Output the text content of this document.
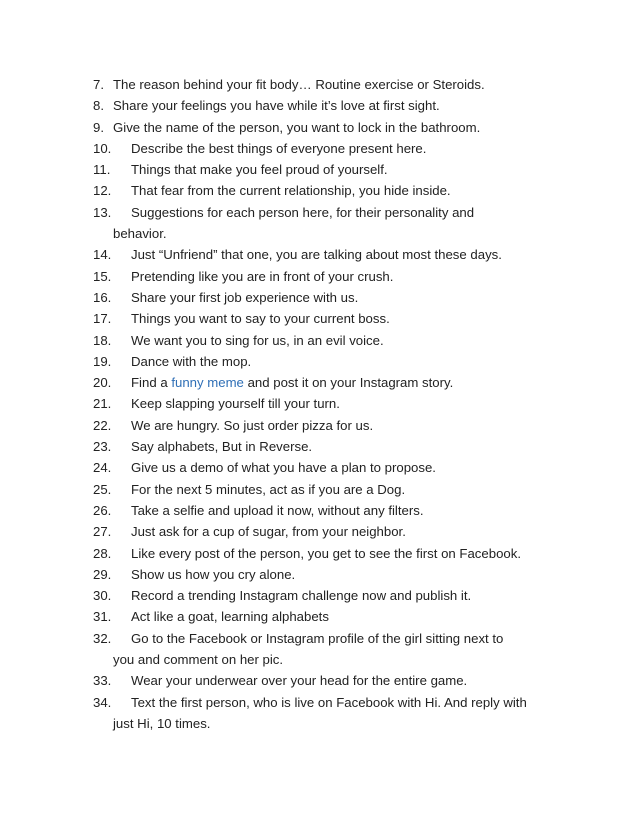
7. The reason behind your fit body… Routine exercise or Steroids.
8. Share your feelings you have while it’s love at first sight.
9. Give the name of the person, you want to lock in the bathroom.
10. Describe the best things of everyone present here.
11. Things that make you feel proud of yourself.
12. That fear from the current relationship, you hide inside.
13. Suggestions for each person here, for their personality and
behavior.
14. Just “Unfriend” that one, you are talking about most these days.
15. Pretending like you are in front of your crush.
16. Share your first job experience with us.
17. Things you want to say to your current boss.
18. We want you to sing for us, in an evil voice.
19. Dance with the mop.
20. Find a funny meme and post it on your Instagram story.
21. Keep slapping yourself till your turn.
22. We are hungry. So just order pizza for us.
23. Say alphabets, But in Reverse.
24. Give us a demo of what you have a plan to propose.
25. For the next 5 minutes, act as if you are a Dog.
26. Take a selfie and upload it now, without any filters.
27. Just ask for a cup of sugar, from your neighbor.
28. Like every post of the person, you get to see the first on Facebook.
29. Show us how you cry alone.
30. Record a trending Instagram challenge now and publish it.
31. Act like a goat, learning alphabets
32. Go to the Facebook or Instagram profile of the girl sitting next to
you and comment on her pic.
33. Wear your underwear over your head for the entire game.
34. Text the first person, who is live on Facebook with Hi. And reply with
just Hi, 10 times.
